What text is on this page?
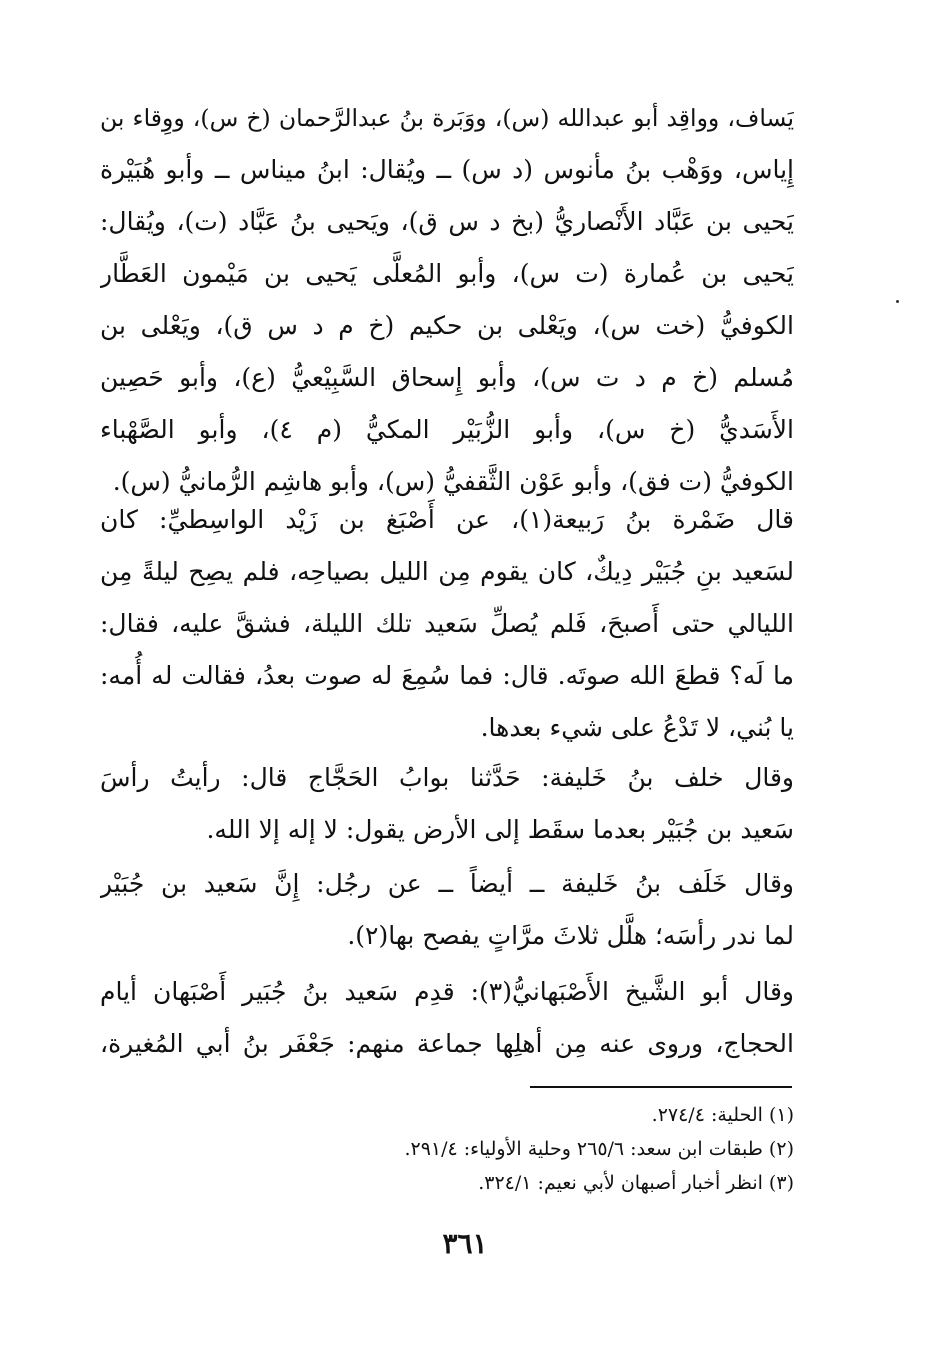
يَساف، وواقِد أبو عبدالله (س)، ووَبَرة بنُ عبدالرَّحمان (خ س)، ووِقاء بن
إِياس، ووَهْب بنُ مأنوس (د س) ــ ويُقال: ابنُ ميناس ــ وأبو هُبَيْرة
يَحيى بن عَبَّاد الأَنْصاريُّ (بخ د س ق)، ويَحيى بنُ عَبَّاد (ت)، ويُقال:
يَحيى بن عُمارة (ت س)، وأبو المُعلَّى يَحيى بن مَيْمون العَطَّار
الكوفيُّ (خت س)، ويَعْلى بن حكيم (خ م د س ق)، ويَعْلى بن
مُسلم (خ م د ت س)، وأبو إِسحاق السَّبِيْعيُّ (ع)، وأبو حَصِين
الأَسَديُّ (خ س)، وأبو الزُّبَيْر المكيُّ (م ٤)، وأبو الصَّهْباء
الكوفيُّ (ت فق)، وأبو عَوْن الثَّقفيُّ (س)، وأبو هاشِم الرُّمانيُّ (س).
قال ضَمْرة بنُ رَبيعة(١)، عن أَصْبَغ بن زَيْد الواسِطيِّ: كان
لسَعيد بنِ جُبَيْر دِيكٌ، كان يقوم مِن الليل بصياحِه، فلم يصِح ليلةً مِن
الليالي حتى أَصبحَ، فَلم يُصلِّ سَعيد تلك الليلة، فشقَّ عليه، فقال:
ما لَه؟ قطعَ الله صوتَه. قال: فما سُمِعَ له صوت بعدُ، فقالت له أُمه:
يا بُني، لا تَدْعُ على شيء بعدها.
وقال خلف بنُ خَليفة: حَدَّثنا بوابُ الحَجَّاج قال: رأيتُ رأسَ
سَعيد بن جُبَيْر بعدما سقَط إلى الأرض يقول: لا إله إلا الله.
وقال خَلَف بنُ خَليفة ــ أيضاً ــ عن رجُل: إِنَّ سَعيد بن جُبَيْر
لما ندر رأسَه؛ هلَّل ثلاثَ مرَّاتٍ يفصح بها(٢).
وقال أبو الشَّيخ الأَصْبَهانيُّ(٣): قدِم سَعيد بنُ جُبَير أَصْبَهان أيام
الحجاج، وروى عنه مِن أهلِها جماعة منهم: جَعْفَر بنُ أبي المُغيرة،
(١) الحلية: ٢٧٤/٤.
(٢) طبقات ابن سعد: ٢٦٥/٦ وحلية الأولياء: ٢٩١/٤.
(٣) انظر أخبار أصبهان لأبي نعيم: ٣٢٤/١.
٣٦١
